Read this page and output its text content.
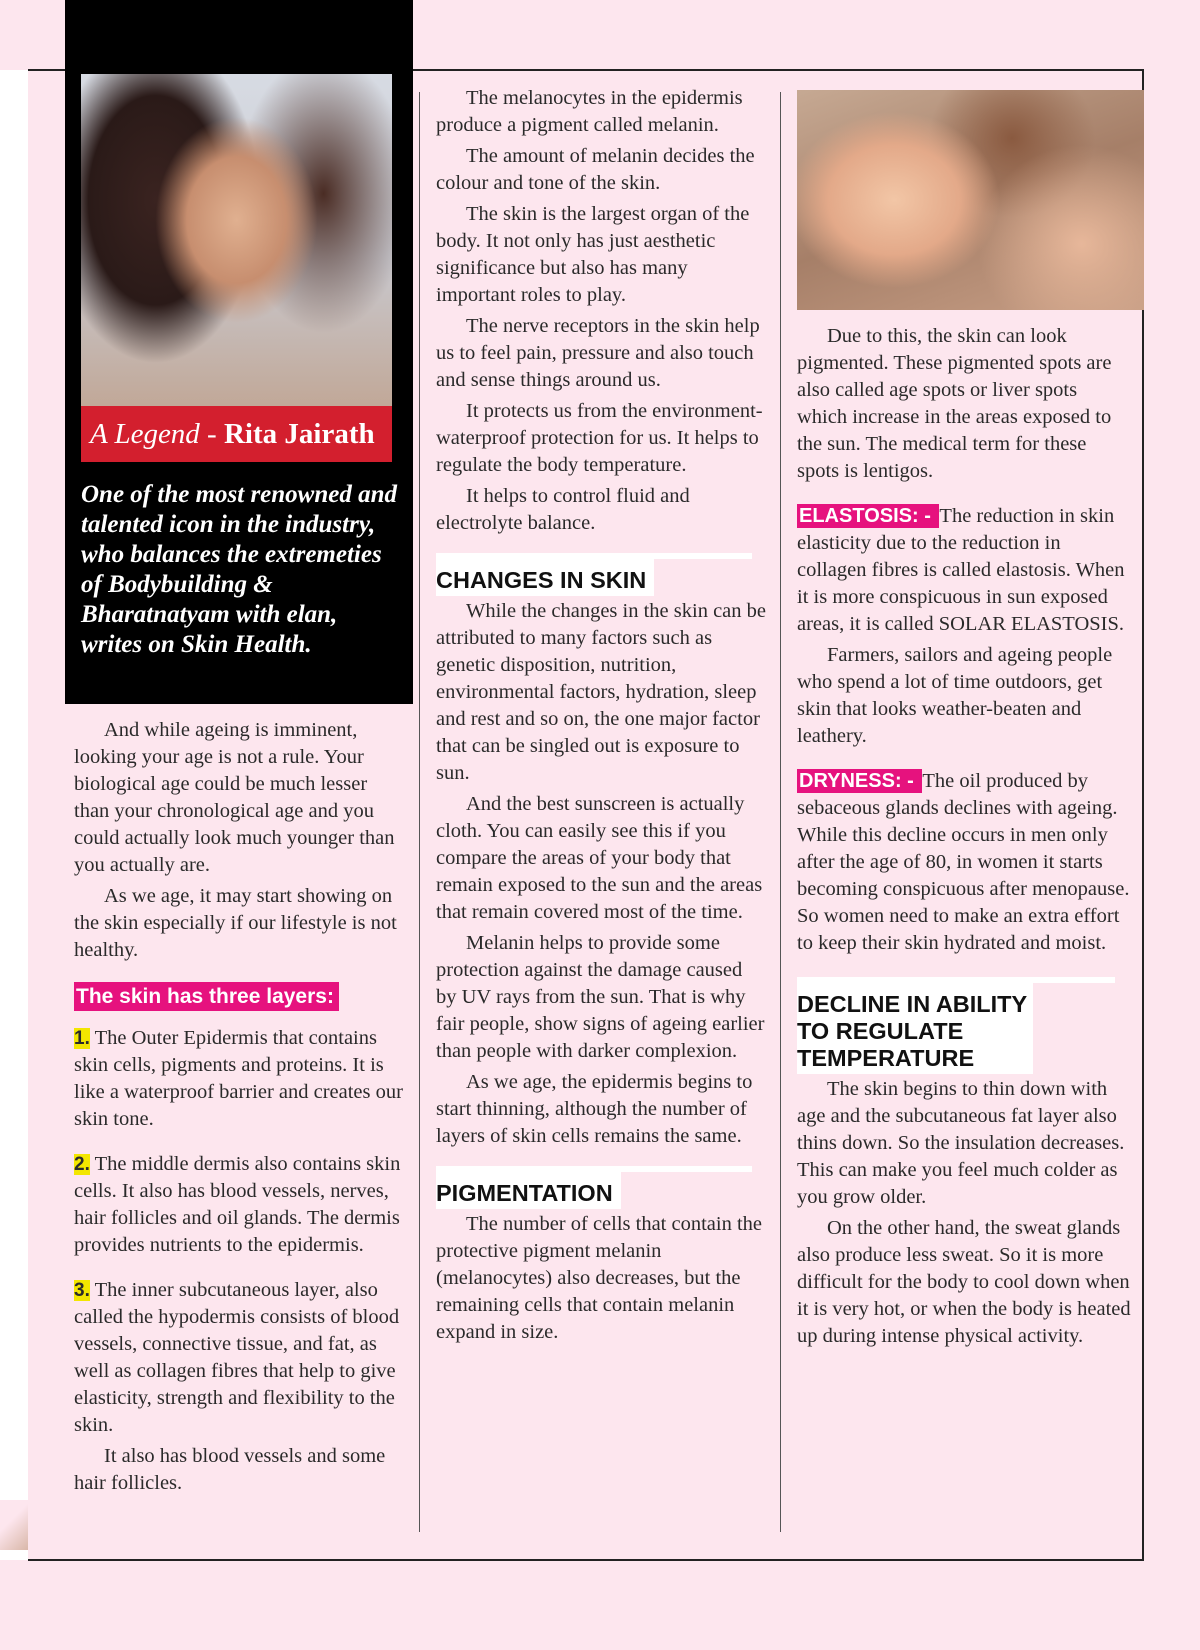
A Legend - Rita Jairath
One of the most renowned and talented icon in the industry, who balances the extremeties of Bodybuilding & Bharatnatyam with elan, writes on Skin Health.

And while ageing is imminent, looking your age is not a rule. Your biological age could be much lesser than your chronological age and you could actually look much younger than you actually are.

As we age, it may start showing on the skin especially if our lifestyle is not healthy.

The skin has three layers:

1. The Outer Epidermis that contains skin cells, pigments and proteins. It is like a waterproof barrier and creates our skin tone.

2. The middle dermis also contains skin cells. It also has blood vessels, nerves, hair follicles and oil glands. The dermis provides nutrients to the epidermis.

3. The inner subcutaneous layer, also called the hypodermis consists of blood vessels, connective tissue, and fat, as well as collagen fibres that help to give elasticity, strength and flexibility to the skin.

It also has blood vessels and some hair follicles.

The melanocytes in the epidermis produce a pigment called melanin.

The amount of melanin decides the colour and tone of the skin.

The skin is the largest organ of the body. It not only has just aesthetic significance but also has many important roles to play.

The nerve receptors in the skin help us to feel pain, pressure and also touch and sense things around us.

It protects us from the environment-waterproof protection for us. It helps to regulate the body temperature.

It helps to control fluid and electrolyte balance.

CHANGES IN SKIN

While the changes in the skin can be attributed to many factors such as genetic disposition, nutrition, environmental factors, hydration, sleep and rest and so on, the one major factor that can be singled out is exposure to sun.

And the best sunscreen is actually cloth. You can easily see this if you compare the areas of your body that remain exposed to the sun and the areas that remain covered most of the time.

Melanin helps to provide some protection against the damage caused by UV rays from the sun. That is why fair people, show signs of ageing earlier than people with darker complexion.

As we age, the epidermis begins to start thinning, although the number of layers of skin cells remains the same.

PIGMENTATION

The number of cells that contain the protective pigment melanin (melanocytes) also decreases, but the remaining cells that contain melanin expand in size.

Due to this, the skin can look pigmented. These pigmented spots are also called age spots or liver spots which increase in the areas exposed to the sun. The medical term for these spots is lentigos.

ELASTOSIS: - The reduction in skin elasticity due to the reduction in collagen fibres is called elastosis. When it is more conspicuous in sun exposed areas, it is called SOLAR ELASTOSIS.

Farmers, sailors and ageing people who spend a lot of time outdoors, get skin that looks weather-beaten and leathery.

DRYNESS: - The oil produced by sebaceous glands declines with ageing. While this decline occurs in men only after the age of 80, in women it starts becoming conspicuous after menopause. So women need to make an extra effort to keep their skin hydrated and moist.

DECLINE IN ABILITY
TO REGULATE
TEMPERATURE

The skin begins to thin down with age and the subcutaneous fat layer also thins down. So the insulation decreases. This can make you feel much colder as you grow older.

On the other hand, the sweat glands also produce less sweat. So it is more difficult for the body to cool down when it is very hot, or when the body is heated up during intense physical activity.
